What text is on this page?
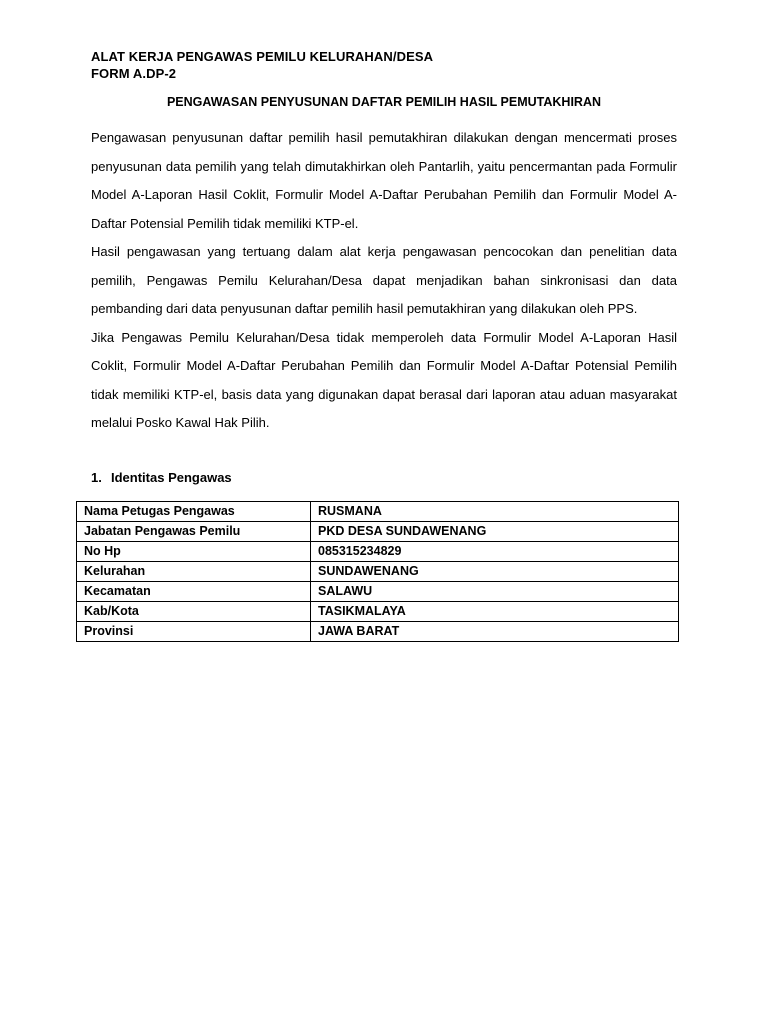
ALAT KERJA PENGAWAS PEMILU KELURAHAN/DESA
FORM A.DP-2
PENGAWASAN PENYUSUNAN DAFTAR PEMILIH HASIL PEMUTAKHIRAN

Pengawasan penyusunan daftar pemilih hasil pemutakhiran dilakukan dengan mencermati proses penyusunan data pemilih yang telah dimutakhirkan oleh Pantarlih, yaitu pencermantan pada Formulir Model A-Laporan Hasil Coklit, Formulir Model A-Daftar Perubahan Pemilih dan Formulir Model A-Daftar Potensial Pemilih tidak memiliki KTP-el.

Hasil pengawasan yang tertuang dalam alat kerja pengawasan pencocokan dan penelitian data pemilih, Pengawas Pemilu Kelurahan/Desa dapat menjadikan bahan sinkronisasi dan data pembanding dari data penyusunan daftar pemilih hasil pemutakhiran yang dilakukan oleh PPS.

Jika Pengawas Pemilu Kelurahan/Desa tidak memperoleh data Formulir Model A-Laporan Hasil Coklit, Formulir Model A-Daftar Perubahan Pemilih dan Formulir Model A-Daftar Potensial Pemilih tidak memiliki KTP-el, basis data yang digunakan dapat berasal dari laporan atau aduan masyarakat melalui Posko Kawal Hak Pilih.

1. Identitas Pengawas
Nama Petugas Pengawas	RUSMANA
Jabatan Pengawas Pemilu	PKD DESA SUNDAWENANG
No Hp	085315234829
Kelurahan	SUNDAWENANG
Kecamatan	SALAWU
Kab/Kota	TASIKMALAYA
Provinsi	JAWA BARAT
